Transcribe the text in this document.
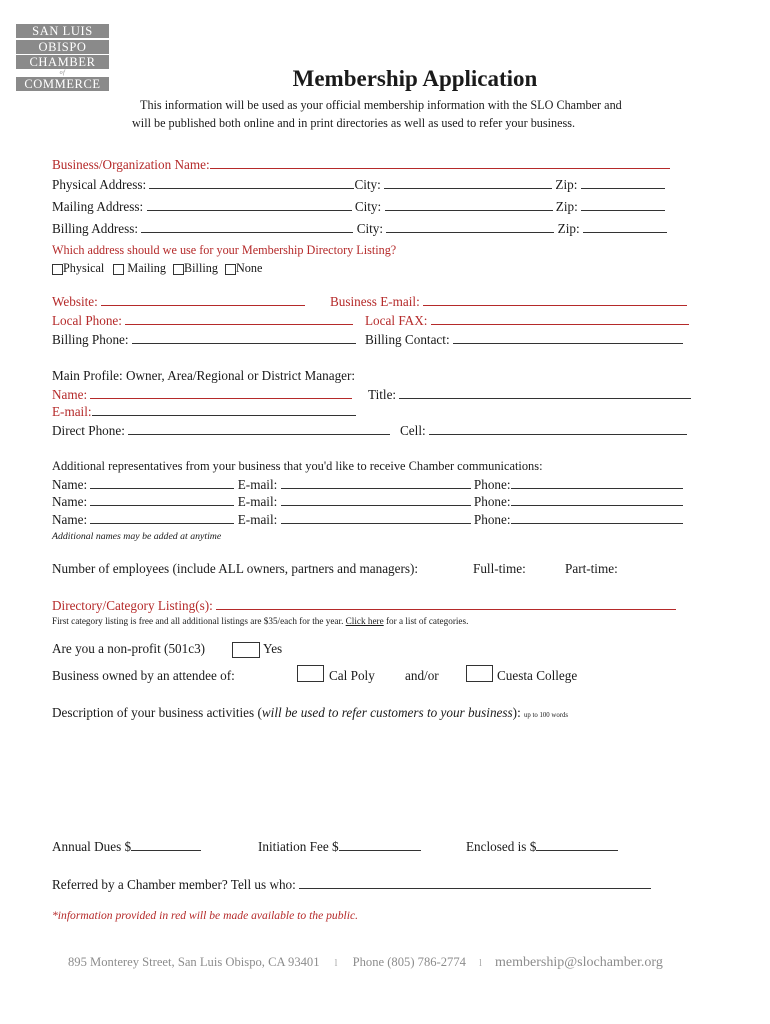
SAN LUIS
OBISPO
CHAMBER
of
COMMERCE	Membership Application
This information will be used as your official membership information with the SLO Chamber and
will be published both online and in print directories as well as used to refer your business.
Business/Organization Name:
Physical Address:	City:	Zip:
Mailing Address:	City:	Zip:
Billing Address:	City:	Zip:
Which address should we use for your Membership Directory Listing?
Physical Mailing Billing None
Website:	Business E-mail:
Local Phone:	Local FAX:
Billing Phone:	Billing Contact:
Main Profile: Owner, Area/Regional or District Manager:
Name:	Title:
E-mail:
Direct Phone:	Cell:
Additional representatives from your business that you'd like to receive Chamber communications:
Name:	E-mail:	Phone:
Name:	E-mail:	Phone:
Name:	E-mail:	Phone:
Additional names may be added at anytime
Number of employees (include ALL owners, partners and managers):	Full-time:	Part-time:
Directory/Category Listing(s):
First category listing is free and all additional listings are $35/each for the year. Click here for a list of categories.
Are you a non-profit (501c3)	Yes
Business owned by an attendee of:	Cal Poly and/or	Cuesta College
Description of your business activities (will be used to refer customers to your business): up to 100 words
Annual Dues $	Initiation Fee $	Enclosed is $
Referred by a Chamber member? Tell us who:
*information provided in red will be made available to the public.
895 Monterey Street, San Luis Obispo, CA 93401 l Phone (805) 786-2774 l membership@slochamber.org
